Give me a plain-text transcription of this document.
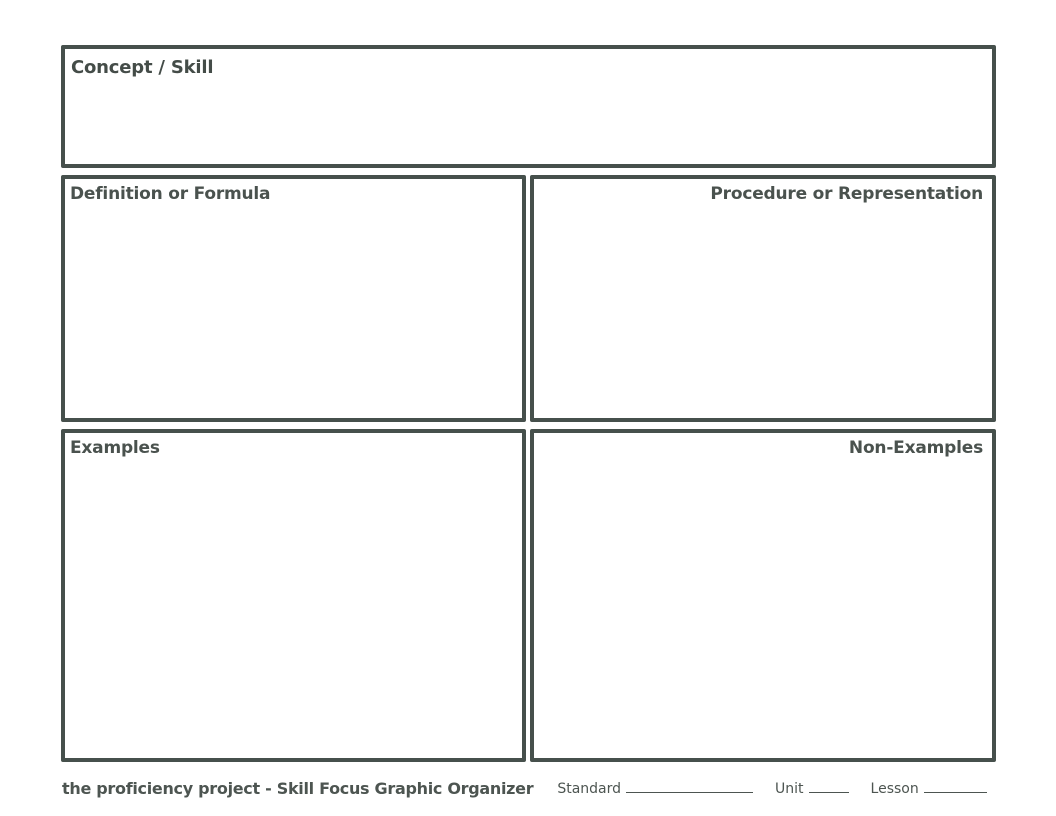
Concept / Skill
Definition or Formula	Procedure or Representation
Examples	Non-Examples
the proficiency project - Skill Focus Graphic Organizer Standard	Unit	Lesson
